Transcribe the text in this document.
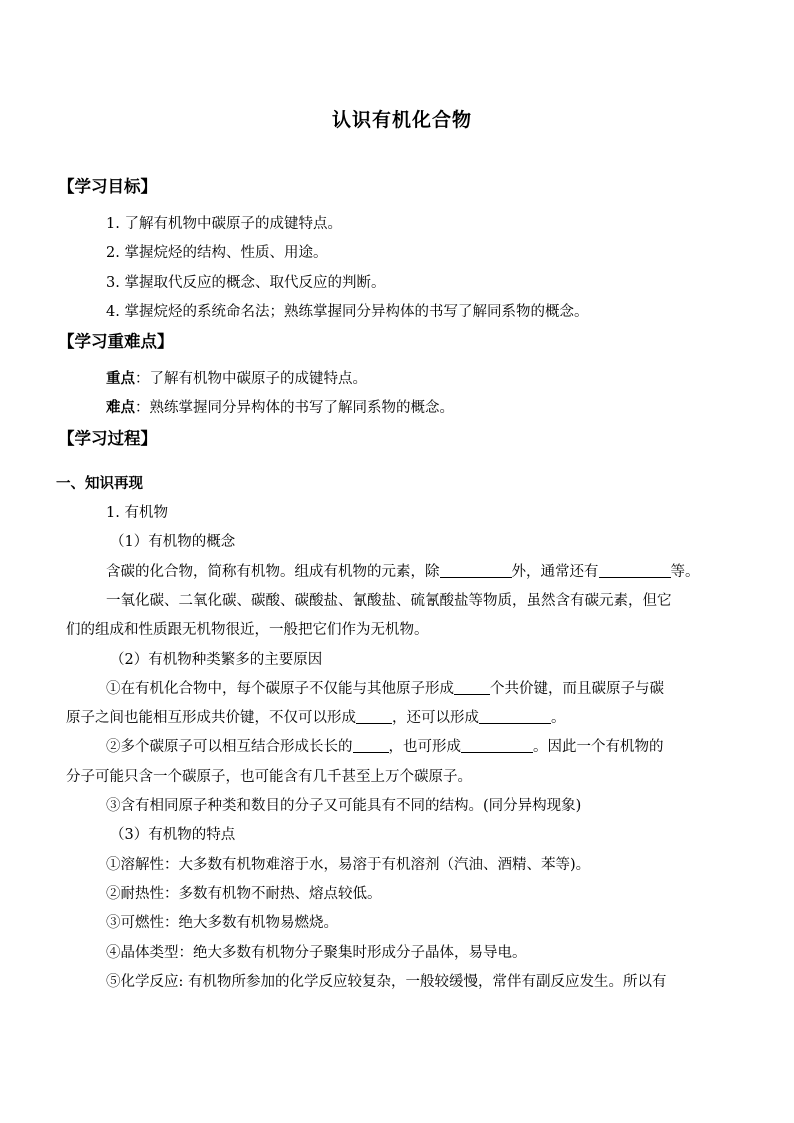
认识有机化合物
【学习目标】
1. 了解有机物中碳原子的成键特点。
2. 掌握烷烃的结构、性质、用途。
3. 掌握取代反应的概念、取代反应的判断。
4. 掌握烷烃的系统命名法；熟练掌握同分异构体的书写了解同系物的概念。
【学习重难点】
重点：了解有机物中碳原子的成键特点。
难点：熟练掌握同分异构体的书写了解同系物的概念。
【学习过程】
一、知识再现
1. 有机物
（1）有机物的概念
含碳的化合物，简称有机物。组成有机物的元素，除	外，通常还有	等。
一氧化碳、二氧化碳、碳酸、碳酸盐、氰酸盐、硫氰酸盐等物质，虽然含有碳元素，但它
们的组成和性质跟无机物很近，一般把它们作为无机物。
（2）有机物种类繁多的主要原因
①在有机化合物中，每个碳原子不仅能与其他原子形成 个共价键，而且碳原子与碳
原子之间也能相互形成共价键，不仅可以形成 ，还可以形成	。
②多个碳原子可以相互结合形成长长的 ，也可形成	。因此一个有机物的
分子可能只含一个碳原子，也可能含有几千甚至上万个碳原子。
③含有相同原子种类和数目的分子又可能具有不同的结构。(同分异构现象)
（3）有机物的特点
①溶解性：大多数有机物难溶于水，易溶于有机溶剂（汽油、酒精、苯等)。
②耐热性：多数有机物不耐热、熔点较低。
③可燃性：绝大多数有机物易燃烧。
④晶体类型：绝大多数有机物分子聚集时形成分子晶体，易导电。
⑤化学反应: 有机物所参加的化学反应较复杂，一般较缓慢，常伴有副反应发生。所以有
